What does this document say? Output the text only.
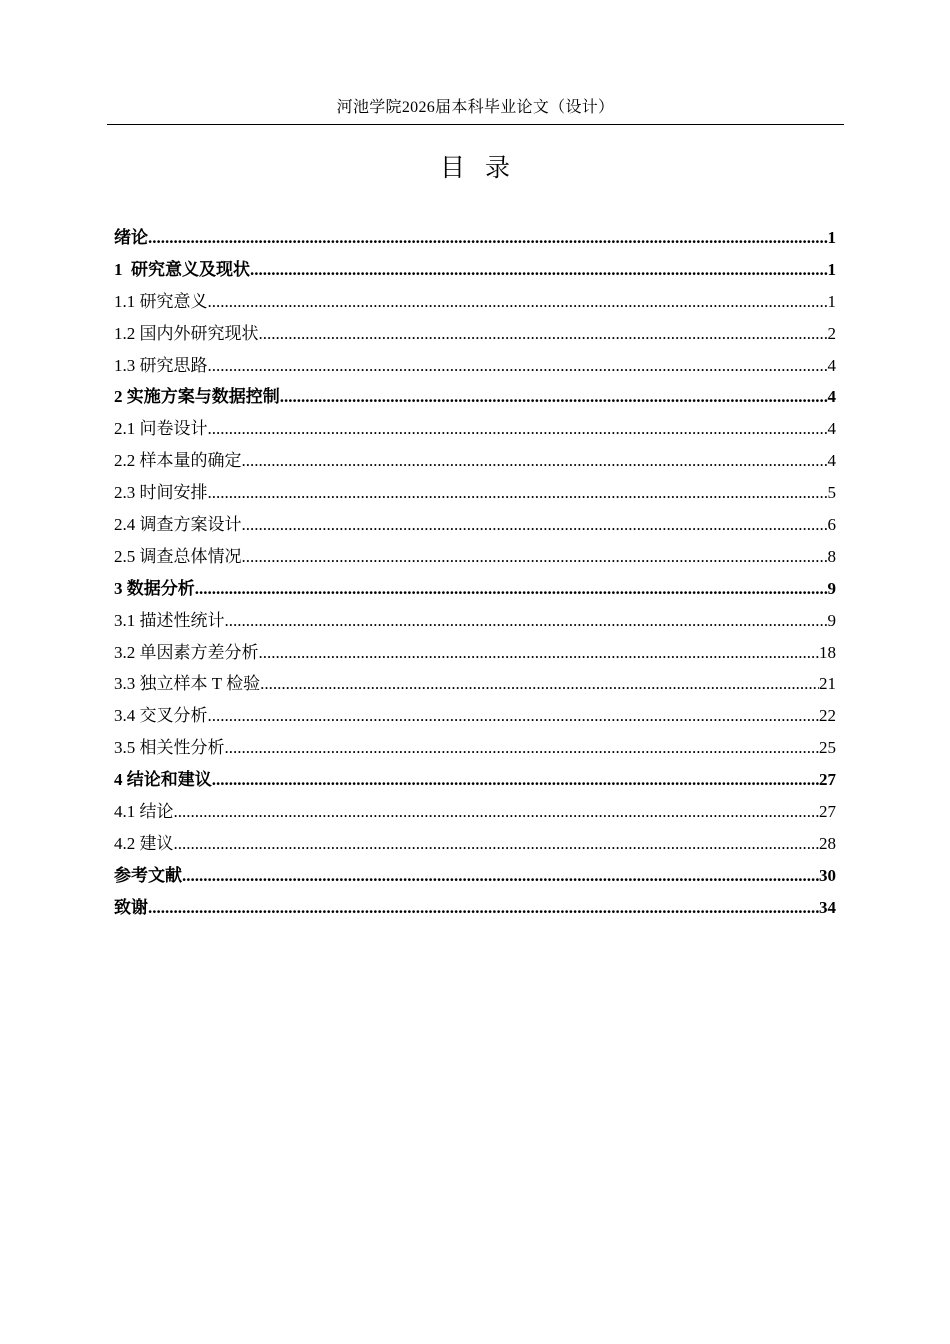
河池学院2026届本科毕业论文（设计）
目录
绪论 .....	1
1  研究意义及现状 .....	1
1.1 研究意义 .....	1
1.2 国内外研究现状 .....	2
1.3 研究思路 .....	4
2 实施方案与数据控制 .....	4
2.1 问卷设计 .....	4
2.2 样本量的确定 .....	4
2.3 时间安排 .....	5
2.4 调查方案设计 .....	6
2.5 调查总体情况 .....	8
3 数据分析 .....	9
3.1 描述性统计 .....	9
3.2 单因素方差分析 .....	18
3.3 独立样本 T 检验 .....	21
3.4 交叉分析 .....	22
3.5 相关性分析 .....	25
4 结论和建议 .....	27
4.1 结论 .....	27
4.2 建议 .....	28
参考文献 .....	30
致谢 .....	34
